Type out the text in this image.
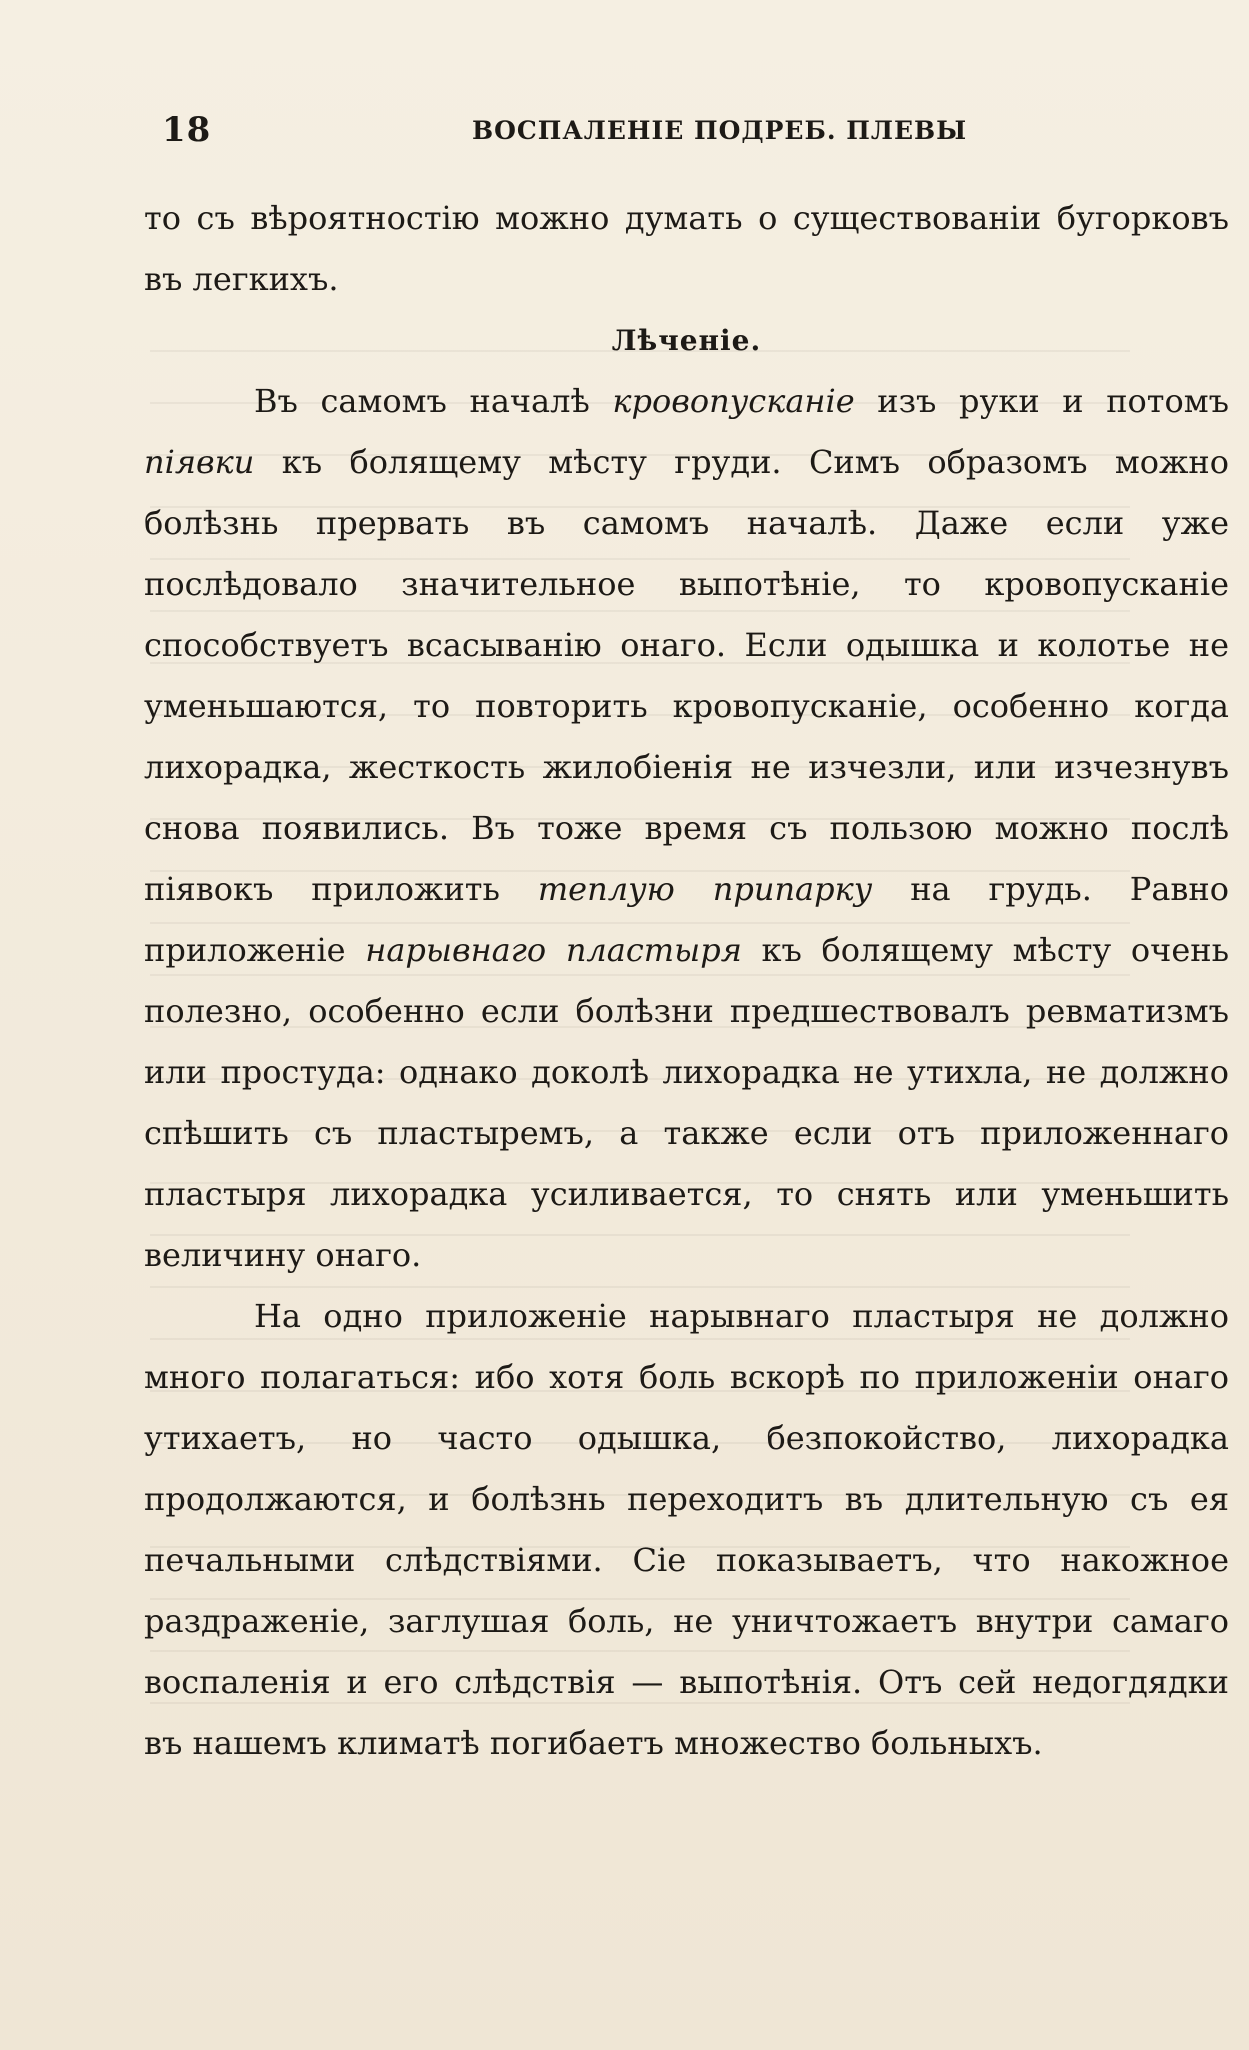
18	ВОСПАЛЕНІЕ ПОДРЕБ. ПЛЕВЫ

то съ вѣроятностію можно думать о существованіи бугорковъ въ легкихъ.

Лѣченіе.

Въ самомъ началѣ кровопусканіе изъ руки и потомъ піявки къ болящему мѣсту груди. Симъ образомъ можно болѣзнь прервать въ самомъ началѣ. Даже если уже послѣдовало значительное выпотѣніе, то кровопусканіе способствуетъ всасыванію онаго. Если одышка и колотье не уменьшаются, то повторить кровопусканіе, особенно когда лихорадка, жесткость жилобіенія не изчезли, или изчезнувъ снова появились. Въ тоже время съ пользою можно послѣ піявокъ приложить теплую припарку на грудь. Равно приложеніе нарывнаго пластыря къ болящему мѣсту очень полезно, особенно если болѣзни предшествовалъ ревматизмъ или простуда: однако доколѣ лихорадка не утихла, не должно спѣшить съ пластыремъ, а также если отъ приложеннаго пластыря лихорадка усиливается, то снять или уменьшить величину онаго.

На одно приложеніе нарывнаго пластыря не должно много полагаться: ибо хотя боль вскорѣ по приложеніи онаго утихаетъ, но часто одышка, безпокойство, лихорадка продолжаются, и болѣзнь переходитъ въ длительную съ ея печальными слѣдствіями. Сіе показываетъ, что накожное раздраженіе, заглушая боль, не уничтожаетъ внутри самаго воспаленія и его слѣдствія — выпотѣнія. Отъ сей недогдядки въ нашемъ климатѣ погибаетъ множество больныхъ.
